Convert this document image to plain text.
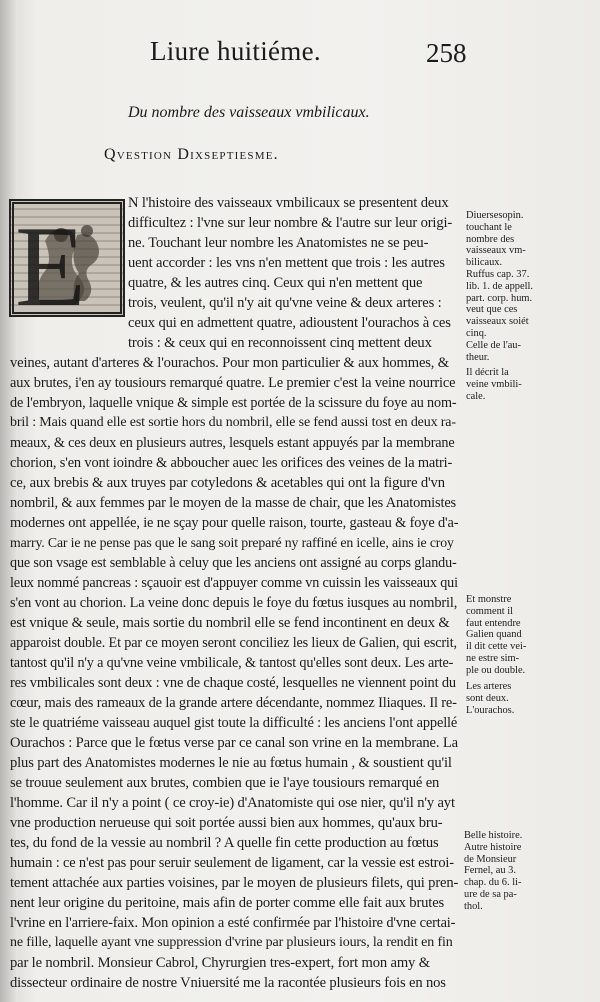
Liure huitiéme.	258
Du nombre des vaisseaux vmbilicaux.
Qvestion Dixseptiesme.
E	N l'histoire des vaisseaux vmbilicaux se presentent deux
difficultez : l'vne sur leur nombre & l'autre sur leur origi-
ne. Touchant leur nombre les Anatomistes ne se peu-
uent accorder : les vns n'en mettent que trois : les autres
quatre, & les autres cinq. Ceux qui n'en mettent que
trois, veulent, qu'il n'y ait qu'vne veine & deux arteres :
ceux qui en admettent quatre, adioustent l'ourachos à ces
trois : & ceux qui en reconnoissent cinq mettent deux
veines, autant d'arteres & l'ourachos. Pour mon particulier & aux hommes, &
aux brutes, i'en ay tousiours remarqué quatre. Le premier c'est la veine nourrice
de l'embryon, laquelle vnique & simple est portée de la scissure du foye au nom-
bril : Mais quand elle est sortie hors du nombril, elle se fend aussi tost en deux ra-
meaux, & ces deux en plusieurs autres, lesquels estant appuyés par la membrane
chorion, s'en vont ioindre & abboucher auec les orifices des veines de la matri-
ce, aux brebis & aux truyes par cotyledons & acetables qui ont la figure d'vn
nombril, & aux femmes par le moyen de la masse de chair, que les Anatomistes
modernes ont appellée, ie ne sçay pour quelle raison, tourte, gasteau & foye d'a-
marry. Car ie ne pense pas que le sang soit preparé ny raffiné en icelle, ains ie croy
que son vsage est semblable à celuy que les anciens ont assigné au corps glandu-
leux nommé pancreas : sçauoir est d'appuyer comme vn cuissin les vaisseaux qui
s'en vont au chorion. La veine donc depuis le foye du fœtus iusques au nombril,
est vnique & seule, mais sortie du nombril elle se fend incontinent en deux &
apparoist double. Et par ce moyen seront conciliez les lieux de Galien, qui escrit,
tantost qu'il n'y a qu'vne veine vmbilicale, & tantost qu'elles sont deux. Les arte-
res vmbilicales sont deux : vne de chaque costé, lesquelles ne viennent point du
cœur, mais des rameaux de la grande artere décendante, nommez Iliaques. Il re-
ste le quatriéme vaisseau auquel gist toute la difficulté : les anciens l'ont appellé
Ourachos : Parce que le fœtus verse par ce canal son vrine en la membrane. La
plus part des Anatomistes modernes le nie au fœtus humain , & soustient qu'il
se trouue seulement aux brutes, combien que ie l'aye tousiours remarqué en
l'homme. Car il n'y a point ( ce croy-ie) d'Anatomiste qui ose nier, qu'il n'y ayt
vne production nerueuse qui soit portée aussi bien aux hommes, qu'aux bru-
tes, du fond de la vessie au nombril ? A quelle fin cette production au fœtus
humain : ce n'est pas pour seruir seulement de ligament, car la vessie est estroi-
tement attachée aux parties voisines, par le moyen de plusieurs filets, qui pren-
nent leur origine du peritoine, mais afin de porter comme elle fait aux brutes
l'vrine en l'arriere-faix. Mon opinion a esté confirmée par l'histoire d'vne certai-
ne fille, laquelle ayant vne suppression d'vrine par plusieurs iours, la rendit en fin
par le nombril. Monsieur Cabrol, Chyrurgien tres-expert, fort mon amy &
dissecteur ordinaire de nostre Vniuersité me la racontée plusieurs fois en nos
Diuersesopin.
touchant le
nombre des
vaisseaux vm-
bilicaux.
Ruffus cap. 37.
lib. 1. de appell.
part. corp. hum.
veut que ces
vaisseaux soiét
cinq.
Celle de l'au-
theur.
Il décrit la
veine vmbili-
cale.
Et monstre
comment il
faut entendre
Galien quand
il dit cette vei-
ne estre sim-
ple ou double.
Les arteres
sont deux.
L'ourachos.
Belle histoire.
Autre histoire
de Monsieur
Fernel, au 3.
chap. du 6. li-
ure de sa pa-
thol.
